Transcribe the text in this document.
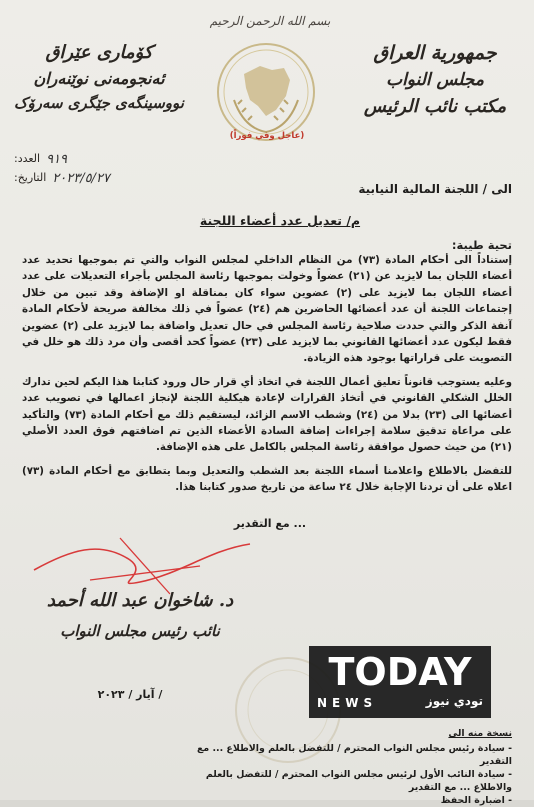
بسم الله الرحمن الرحيم
جمهورية العراق
مجلس النواب
مكتب نائب الرئيس
كۆماری عێراق
ئەنجومەنی نوێنەران
نووسینگەی جێگری سەرۆک
(عاجل وفي فوراً)
٩١٩
العدد:
٢٠٢٣/٥/٢٧
التاريخ:
الى / اللجنة المالية النيابية
م/ تعديل عدد أعضاء اللجنة
تحية طيبة:

إستناداً الى أحكام المادة (٧٣) من النظام الداخلي لمجلس النواب والتي تم بموجبها تحديد عدد أعضاء اللجان بما لايزيد عن (٢١) عضواً وخولت بموجبها رئاسة المجلس بأجراء التعديلات على عدد أعضاء اللجان بما لايزيد على (٢) عضوين سواء كان بمناقلة او الإضافة وقد تبين من خلال إجتماعات اللجنة أن عدد أعضائها الحاضرين هم (٢٤) عضواً في ذلك مخالفة صريحة لأحكام المادة آنفة الذكر والتي حددت صلاحية رئاسة المجلس في حال تعديل واضافة بما لايزيد على (٢) عضوين فقط ليكون عدد أعضائها القانوني بما لايزيد على (٢٣) عضواً كحد أقصى وأن مرد ذلك هو خلل في التصويت على قراراتها بوجود هذه الزيادة.

وعليه يستوجب قانوناً تعليق أعمال اللجنة في اتخاذ أي قرار حال ورود كتابنا هذا اليكم لحين تدارك الخلل الشكلي القانوني في أتخاذ القرارات لإعادة هيكلية اللجنة لإنجاز اعمالها في تصويب عدد أعضائها الى (٢٣) بدلا من (٢٤) وشطب الاسم الزائد، ليستقيم ذلك مع أحكام المادة (٧٣) والتأكيد على مراعاة تدقيق سلامة إجراءات إضافة السادة الأعضاء الذين تم اضافتهم فوق العدد الأصلي (٢١) من حيث حصول موافقة رئاسة المجلس بالكامل على هذه الإضافة.

للتفضل بالاطلاع واعلامنا أسماء اللجنة بعد الشطب والتعديل وبما يتطابق مع أحكام المادة (٧٣) اعلاه على أن تردنا الإجابة خلال ٢٤ ساعة من تاريخ صدور كتابنا هذا.

... مع التقدير
د. شاخوان عبد الله أحمد
نائب رئيس مجلس النواب
/ آيار / ٢٠٢٣
TODAY
NEWS	تودي نيوز
نسخة منه الى
- سيادة رئيس مجلس النواب المحترم / للتفضل بالعلم والاطلاع ... مع التقدير
- سيادة النائب الأول لرئيس مجلس النواب المحترم / للتفضل بالعلم والاطلاع ... مع التقدير
- اضبارة الحفظ
